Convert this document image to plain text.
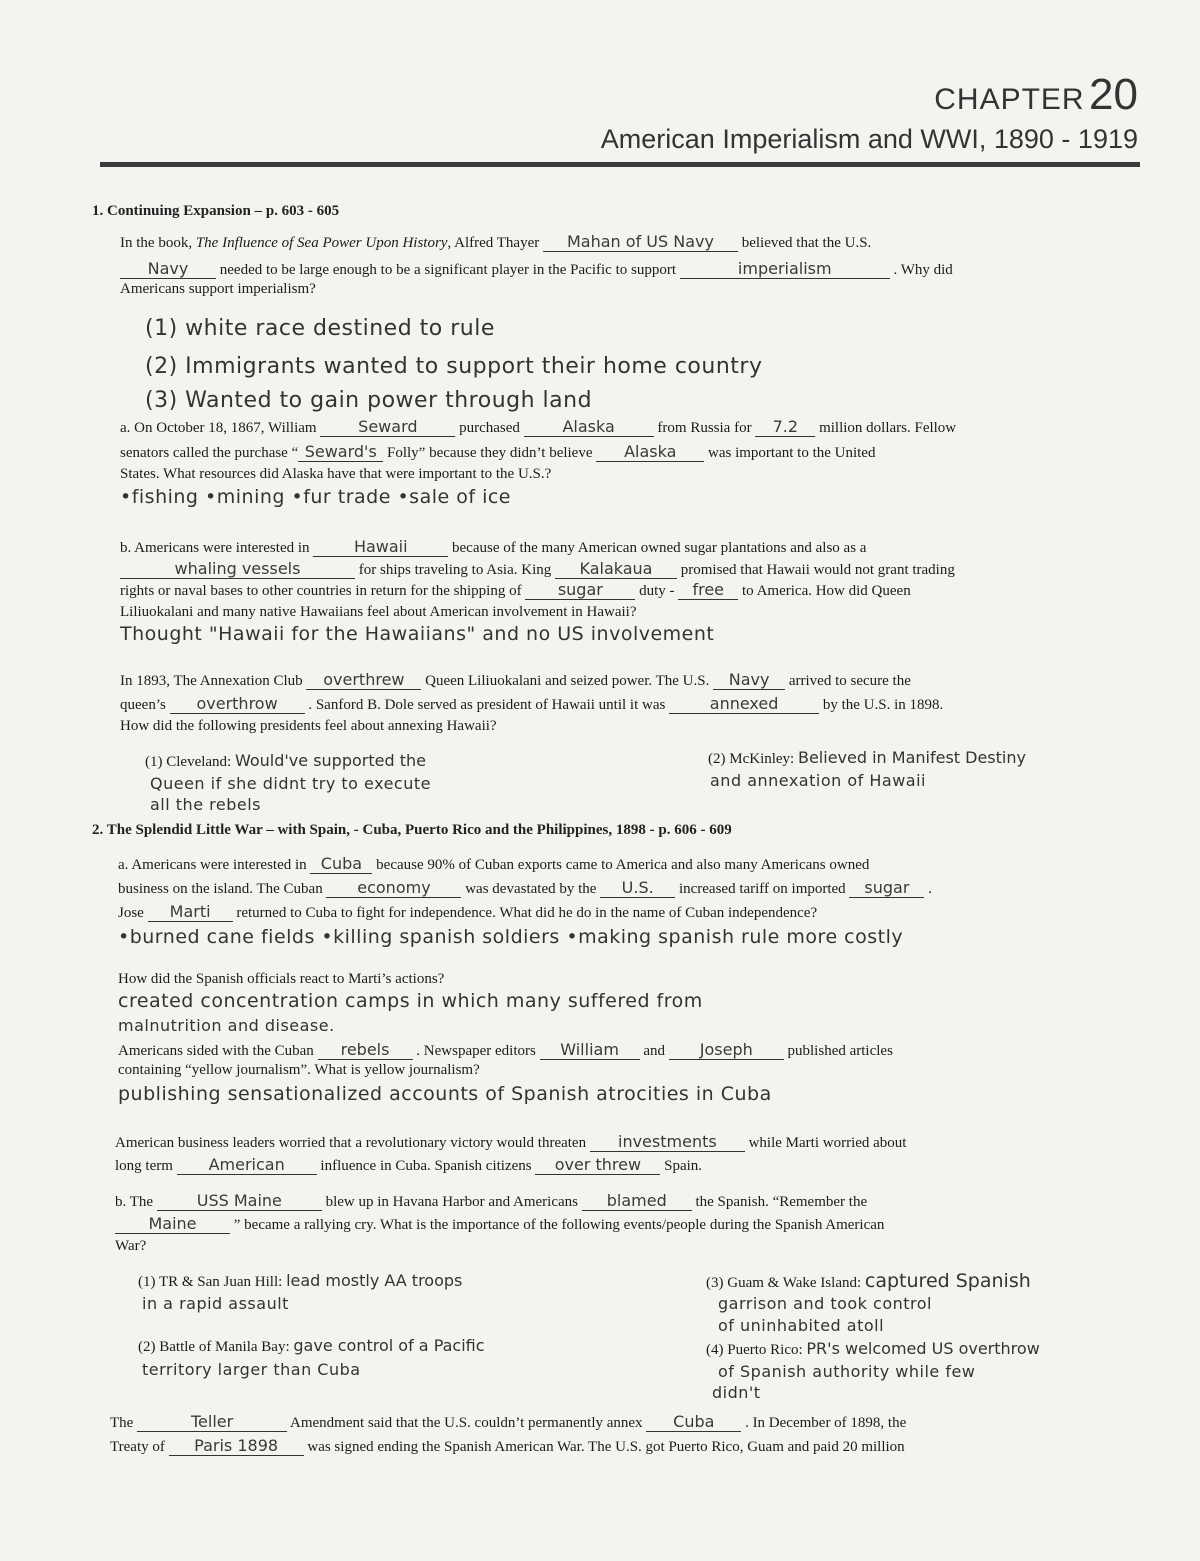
CHAPTER 20
American Imperialism and WWI, 1890 - 1919
1. Continuing Expansion – p. 603 - 605
In the book, The Influence of Sea Power Upon History, Alfred Thayer Mahan of US Navy believed that the U.S.
Navy needed to be large enough to be a significant player in the Pacific to support	imperialism	. Why did
Americans support imperialism?
(1) white race destined to rule
(2) Immigrants wanted to support their home country
(3) Wanted to gain power through land
a. On October 18, 1867, William Seward	purchased Alaska	from Russia for 7.2 million dollars. Fellow
senators called the purchase “ Seward's Folly” because they didn’t believe Alaska was important to the United
States. What resources did Alaska have that were important to the U.S.?
•fishing •mining •fur trade •sale of ice
b. Americans were interested in	Hawaii	because of the many American owned sugar plantations and also as a
whaling vessels	for ships traveling to Asia. King Kalakaua promised that Hawaii would not grant trading
rights or naval bases to other countries in return for the shipping of sugar duty - free to America. How did Queen
Liliuokalani and many native Hawaiians feel about American involvement in Hawaii?
Thought "Hawaii for the Hawaiians" and no US involvement
In 1893, The Annexation Club overthrew Queen Liliuokalani and seized power. The U.S. Navy arrived to secure the
queen’s overthrow . Sanford B. Dole served as president of Hawaii until it was	annexed	by the U.S. in 1898.
How did the following presidents feel about annexing Hawaii?
(1) Cleveland: Would've supported the
Queen if she didnt try to execute
all the rebels
(2) McKinley: Believed in Manifest Destiny
and annexation of Hawaii
2. The Splendid Little War – with Spain, - Cuba, Puerto Rico and the Philippines, 1898 - p. 606 - 609
a. Americans were interested in Cuba because 90% of Cuban exports came to America and also many Americans owned
business on the island. The Cuban economy was devastated by the U.S. increased tariff on imported sugar .
Jose Marti returned to Cuba to fight for independence. What did he do in the name of Cuban independence?
•burned cane fields •killing spanish soldiers •making spanish rule more costly
How did the Spanish officials react to Marti’s actions?
created concentration camps in which many suffered from
malnutrition and disease.
Americans sided with the Cuban rebels . Newspaper editors William and Joseph published articles
containing “yellow journalism”. What is yellow journalism?
publishing sensationalized accounts of Spanish atrocities in Cuba
American business leaders worried that a revolutionary victory would threaten investments while Marti worried about
long term American influence in Cuba. Spanish citizens over threw Spain.
b. The USS Maine	blew up in Havana Harbor and Americans blamed the Spanish. “Remember the
Maine ” became a rallying cry. What is the importance of the following events/people during the Spanish American
War?
(1) TR & San Juan Hill: lead mostly AA troops
in a rapid assault
(2) Battle of Manila Bay: gave control of a Pacific
territory larger than Cuba
(3) Guam & Wake Island: captured Spanish
garrison and took control
of uninhabited atoll
(4) Puerto Rico: PR's welcomed US overthrow
of Spanish authority while few
didn't
The	Teller	Amendment said that the U.S. couldn’t permanently annex Cuba . In December of 1898, the
Treaty of Paris 1898 was signed ending the Spanish American War. The U.S. got Puerto Rico, Guam and paid 20 million
